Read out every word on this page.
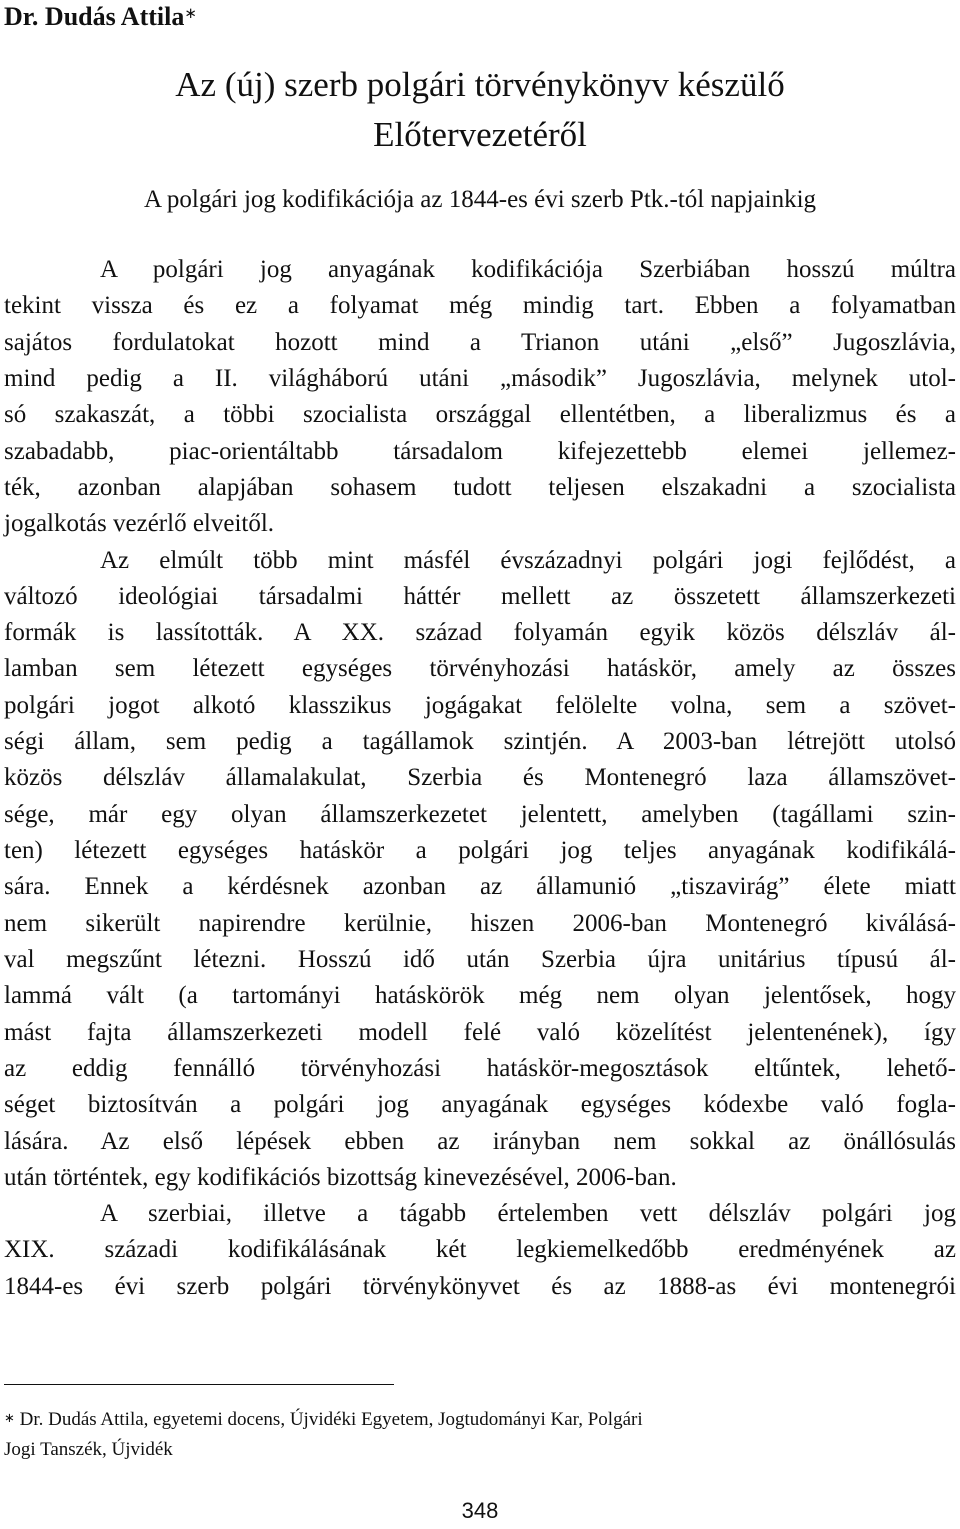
Dr. Dudás Attila∗
Az (új) szerb polgári törvénykönyv készülő
Előtervezetéről
A polgári jog kodifikációja az 1844-es évi szerb Ptk.-tól napjainkig
A polgári jog anyagának kodifikációja Szerbiában hosszú múltra
tekint vissza és ez a folyamat még mindig tart. Ebben a folyamatban
sajátos fordulatokat hozott mind a Trianon utáni „első” Jugoszlávia,
mind pedig a II. világháború utáni „második” Jugoszlávia, melynek utol-
só szakaszát, a többi szocialista országgal ellentétben, a liberalizmus és a
szabadabb, piac-orientáltabb társadalom kifejezettebb elemei jellemez-
ték, azonban alapjában sohasem tudott teljesen elszakadni a szocialista
jogalkotás vezérlő elveitől.
Az elmúlt több mint másfél évszázadnyi polgári jogi fejlődést, a
változó ideológiai társadalmi háttér mellett az összetett államszerkezeti
formák is lassították. A XX. század folyamán egyik közös délszláv ál-
lamban sem létezett egységes törvényhozási hatáskör, amely az összes
polgári jogot alkotó klasszikus jogágakat felölelte volna, sem a szövet-
ségi állam, sem pedig a tagállamok szintjén. A 2003-ban létrejött utolsó
közös délszláv államalakulat, Szerbia és Montenegró laza államszövet-
sége, már egy olyan államszerkezetet jelentett, amelyben (tagállami szin-
ten) létezett egységes hatáskör a polgári jog teljes anyagának kodifikálá-
sára. Ennek a kérdésnek azonban az államunió „tiszavirág” élete miatt
nem sikerült napirendre kerülnie, hiszen 2006-ban Montenegró kiválásá-
val megszűnt létezni. Hosszú idő után Szerbia újra unitárius típusú ál-
lammá vált (a tartományi hatáskörök még nem olyan jelentősek, hogy
mást fajta államszerkezeti modell felé való közelítést jelentenének), így
az eddig fennálló törvényhozási hatáskör-megosztások eltűntek, lehető-
séget biztosítván a polgári jog anyagának egységes kódexbe való fogla-
lására. Az első lépések ebben az irányban nem sokkal az önállósulás
után történtek, egy kodifikációs bizottság kinevezésével, 2006-ban.
A szerbiai, illetve a tágabb értelemben vett délszláv polgári jog
XIX. századi kodifikálásának két legkiemelkedőbb eredményének az
1844-es évi szerb polgári törvénykönyvet és az 1888-as évi montenegrói
∗ Dr. Dudás Attila, egyetemi docens, Újvidéki Egyetem, Jogtudományi Kar, Polgári
Jogi Tanszék, Újvidék
348
